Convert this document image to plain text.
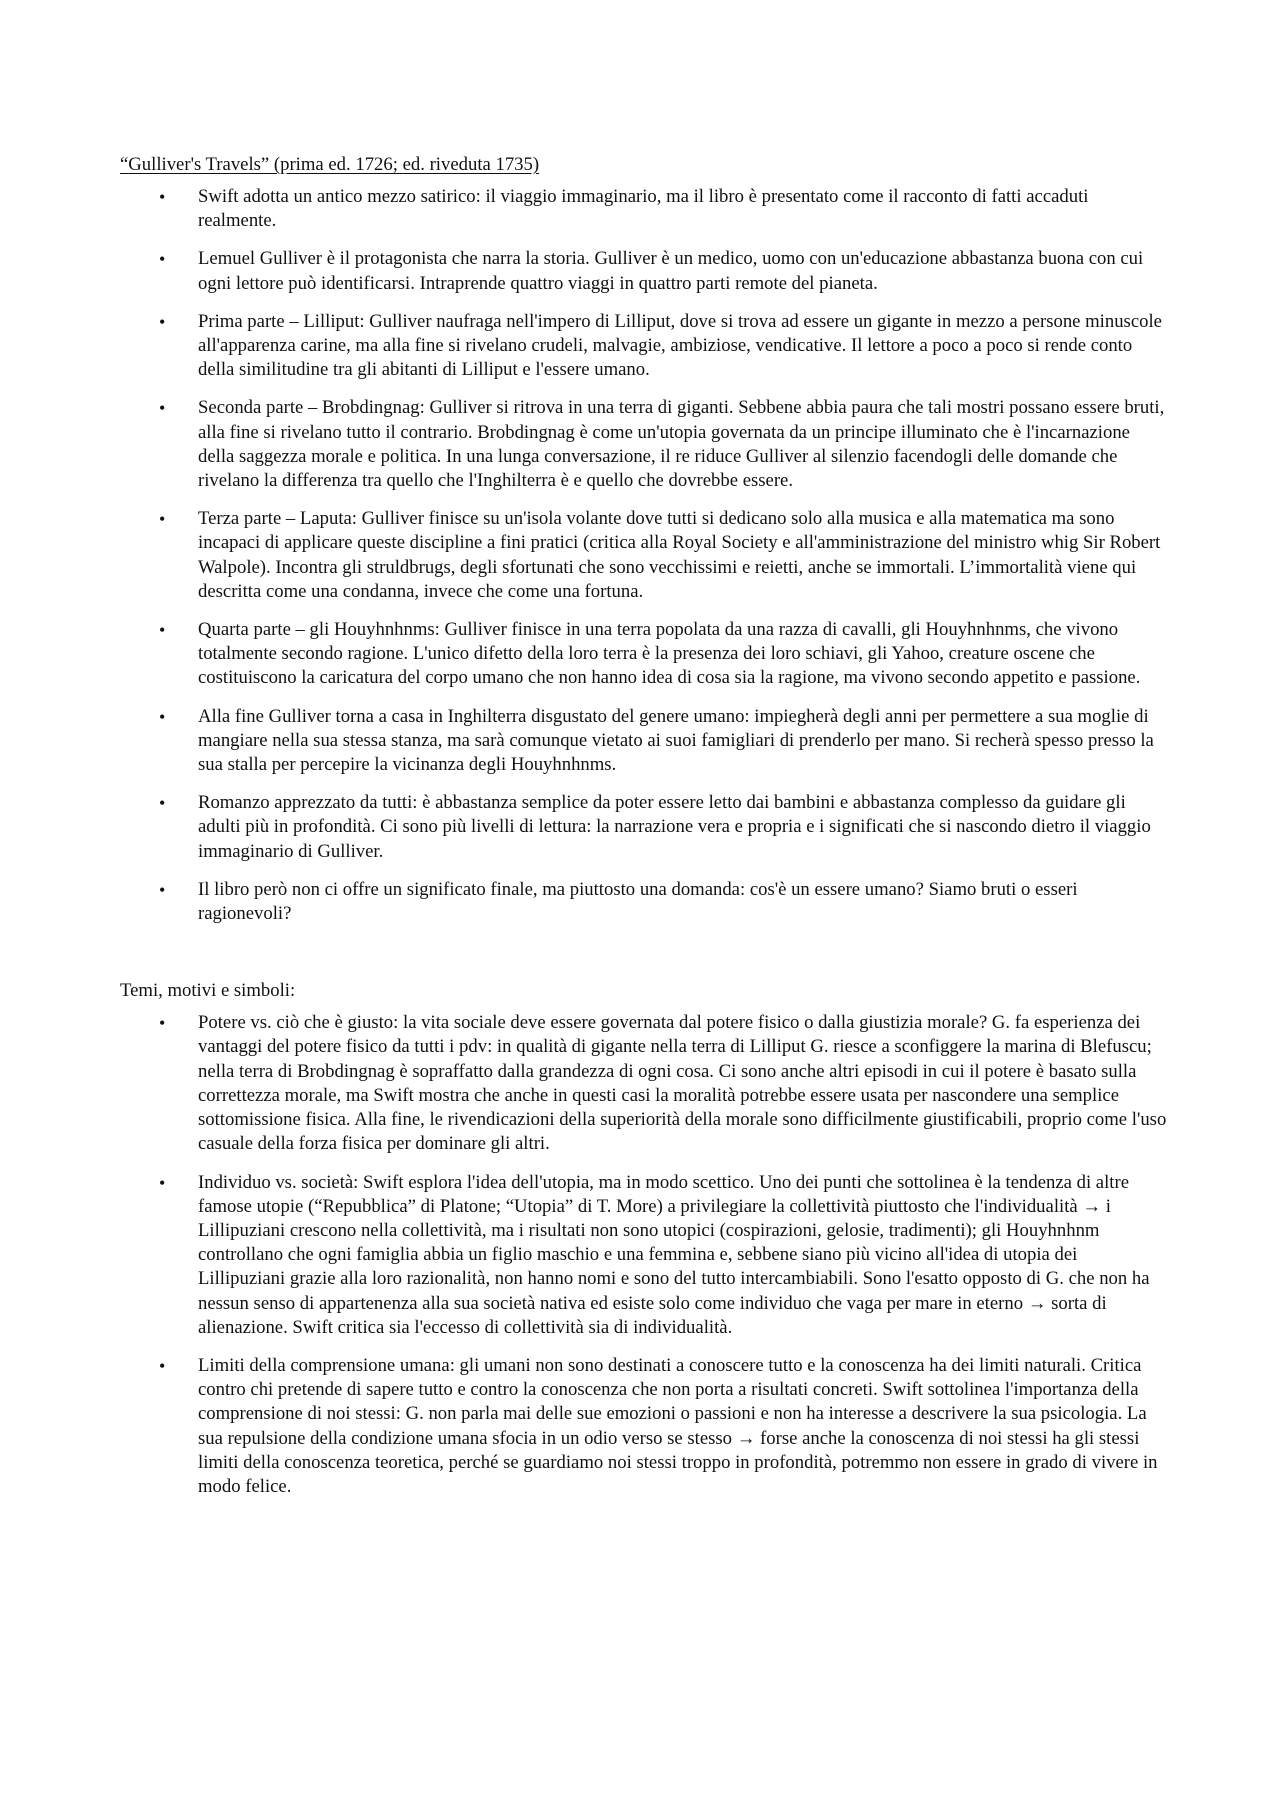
“Gulliver's Travels” (prima ed. 1726; ed. riveduta 1735)

• Swift adotta un antico mezzo satirico: il viaggio immaginario, ma il libro è presentato come il racconto di fatti accaduti realmente.
• Lemuel Gulliver è il protagonista che narra la storia. Gulliver è un medico, uomo con un'educazione abbastanza buona con cui ogni lettore può identificarsi. Intraprende quattro viaggi in quattro parti remote del pianeta.
• Prima parte – Lilliput: Gulliver naufraga nell'impero di Lilliput, dove si trova ad essere un gigante in mezzo a persone minuscole all'apparenza carine, ma alla fine si rivelano crudeli, malvagie, ambiziose, vendicative. Il lettore a poco a poco si rende conto della similitudine tra gli abitanti di Lilliput e l'essere umano.
• Seconda parte – Brobdingnag: Gulliver si ritrova in una terra di giganti. Sebbene abbia paura che tali mostri possano essere bruti, alla fine si rivelano tutto il contrario. Brobdingnag è come un'utopia governata da un principe illuminato che è l'incarnazione della saggezza morale e politica. In una lunga conversazione, il re riduce Gulliver al silenzio facendogli delle domande che rivelano la differenza tra quello che l'Inghilterra è e quello che dovrebbe essere.
• Terza parte – Laputa: Gulliver finisce su un'isola volante dove tutti si dedicano solo alla musica e alla matematica ma sono incapaci di applicare queste discipline a fini pratici (critica alla Royal Society e all'amministrazione del ministro whig Sir Robert Walpole). Incontra gli struldbrugs, degli sfortunati che sono vecchissimi e reietti, anche se immortali. L’immortalità viene qui descritta come una condanna, invece che come una fortuna.
• Quarta parte – gli Houyhnhnms: Gulliver finisce in una terra popolata da una razza di cavalli, gli Houyhnhnms, che vivono totalmente secondo ragione. L'unico difetto della loro terra è la presenza dei loro schiavi, gli Yahoo, creature oscene che costituiscono la caricatura del corpo umano che non hanno idea di cosa sia la ragione, ma vivono secondo appetito e passione.
• Alla fine Gulliver torna a casa in Inghilterra disgustato del genere umano: impiegherà degli anni per permettere a sua moglie di mangiare nella sua stessa stanza, ma sarà comunque vietato ai suoi famigliari di prenderlo per mano. Si recherà spesso presso la sua stalla per percepire la vicinanza degli Houyhnhnms.
• Romanzo apprezzato da tutti: è abbastanza semplice da poter essere letto dai bambini e abbastanza complesso da guidare gli adulti più in profondità. Ci sono più livelli di lettura: la narrazione vera e propria e i significati che si nascondo dietro il viaggio immaginario di Gulliver.
• Il libro però non ci offre un significato finale, ma piuttosto una domanda: cos'è un essere umano? Siamo bruti o esseri ragionevoli?

Temi, motivi e simboli:

• Potere vs. ciò che è giusto: la vita sociale deve essere governata dal potere fisico o dalla giustizia morale? G. fa esperienza dei vantaggi del potere fisico da tutti i pdv: in qualità di gigante nella terra di Lilliput G. riesce a sconfiggere la marina di Blefuscu; nella terra di Brobdingnag è sopraffatto dalla grandezza di ogni cosa. Ci sono anche altri episodi in cui il potere è basato sulla correttezza morale, ma Swift mostra che anche in questi casi la moralità potrebbe essere usata per nascondere una semplice sottomissione fisica. Alla fine, le rivendicazioni della superiorità della morale sono difficilmente giustificabili, proprio come l'uso casuale della forza fisica per dominare gli altri.
• Individuo vs. società: Swift esplora l'idea dell'utopia, ma in modo scettico. Uno dei punti che sottolinea è la tendenza di altre famose utopie (“Repubblica” di Platone; “Utopia” di T. More) a privilegiare la collettività piuttosto che l'individualità → i Lillipuziani crescono nella collettività, ma i risultati non sono utopici (cospirazioni, gelosie, tradimenti); gli Houyhnhnm controllano che ogni famiglia abbia un figlio maschio e una femmina e, sebbene siano più vicino all'idea di utopia dei Lillipuziani grazie alla loro razionalità, non hanno nomi e sono del tutto intercambiabili. Sono l'esatto opposto di G. che non ha nessun senso di appartenenza alla sua società nativa ed esiste solo come individuo che vaga per mare in eterno → sorta di alienazione. Swift critica sia l'eccesso di collettività sia di individualità.
• Limiti della comprensione umana: gli umani non sono destinati a conoscere tutto e la conoscenza ha dei limiti naturali. Critica contro chi pretende di sapere tutto e contro la conoscenza che non porta a risultati concreti. Swift sottolinea l'importanza della comprensione di noi stessi: G. non parla mai delle sue emozioni o passioni e non ha interesse a descrivere la sua psicologia. La sua repulsione della condizione umana sfocia in un odio verso se stesso → forse anche la conoscenza di noi stessi ha gli stessi limiti della conoscenza teoretica, perché se guardiamo noi stessi troppo in profondità, potremmo non essere in grado di vivere in modo felice.
